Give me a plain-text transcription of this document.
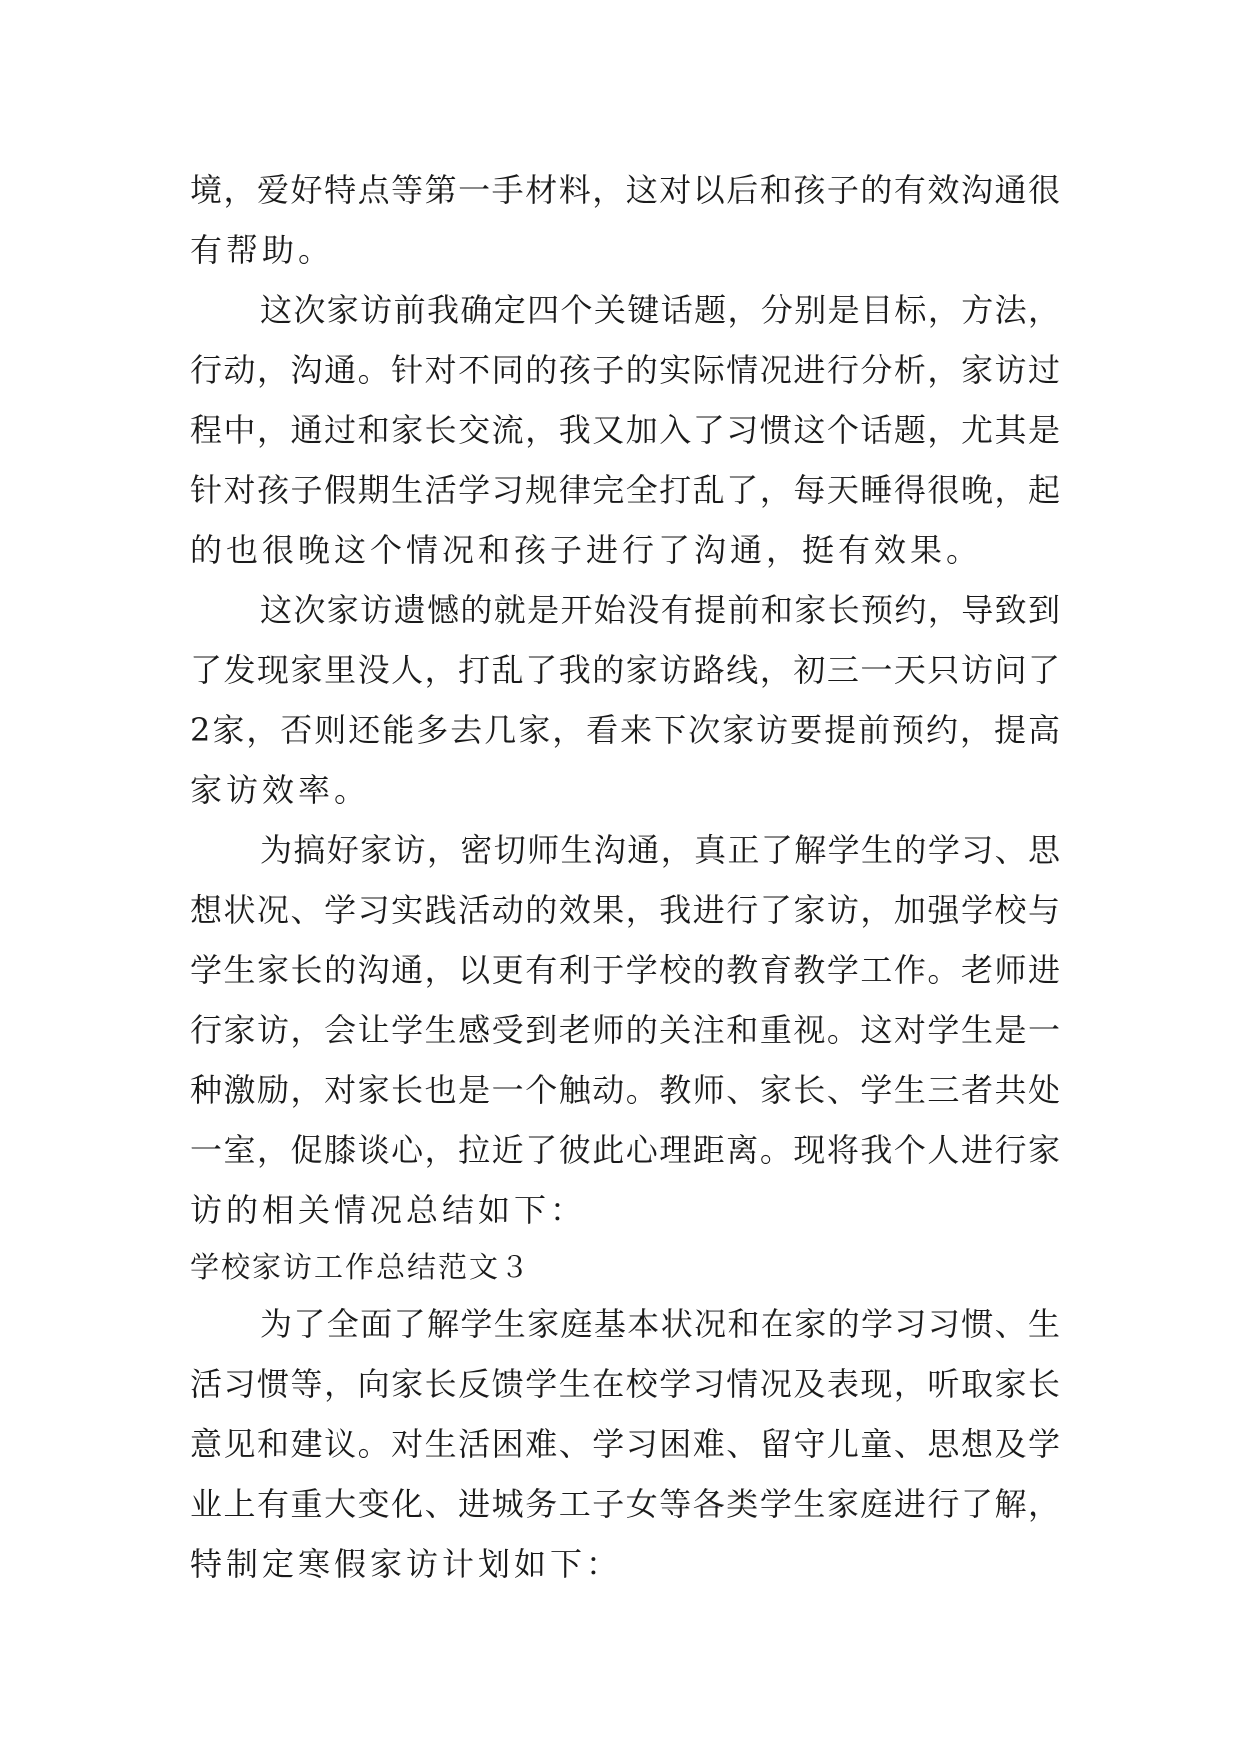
境，爱好特点等第一手材料，这对以后和孩子的有效沟通很
有帮助。
这次家访前我确定四个关键话题，分别是目标，方法，
行动，沟通。针对不同的孩子的实际情况进行分析，家访过
程中，通过和家长交流，我又加入了习惯这个话题，尤其是
针对孩子假期生活学习规律完全打乱了，每天睡得很晚，起
的也很晚这个情况和孩子进行了沟通，挺有效果。
这次家访遗憾的就是开始没有提前和家长预约，导致到
了发现家里没人，打乱了我的家访路线，初三一天只访问了
2家，否则还能多去几家，看来下次家访要提前预约，提高
家访效率。
为搞好家访，密切师生沟通，真正了解学生的学习、思
想状况、学习实践活动的效果，我进行了家访，加强学校与
学生家长的沟通，以更有利于学校的教育教学工作。老师进
行家访，会让学生感受到老师的关注和重视。这对学生是一
种激励，对家长也是一个触动。教师、家长、学生三者共处
一室，促膝谈心，拉近了彼此心理距离。现将我个人进行家
访的相关情况总结如下：
学校家访工作总结范文３
为了全面了解学生家庭基本状况和在家的学习习惯、生
活习惯等，向家长反馈学生在校学习情况及表现，听取家长
意见和建议。对生活困难、学习困难、留守儿童、思想及学
业上有重大变化、进城务工子女等各类学生家庭进行了解，
特制定寒假家访计划如下：
